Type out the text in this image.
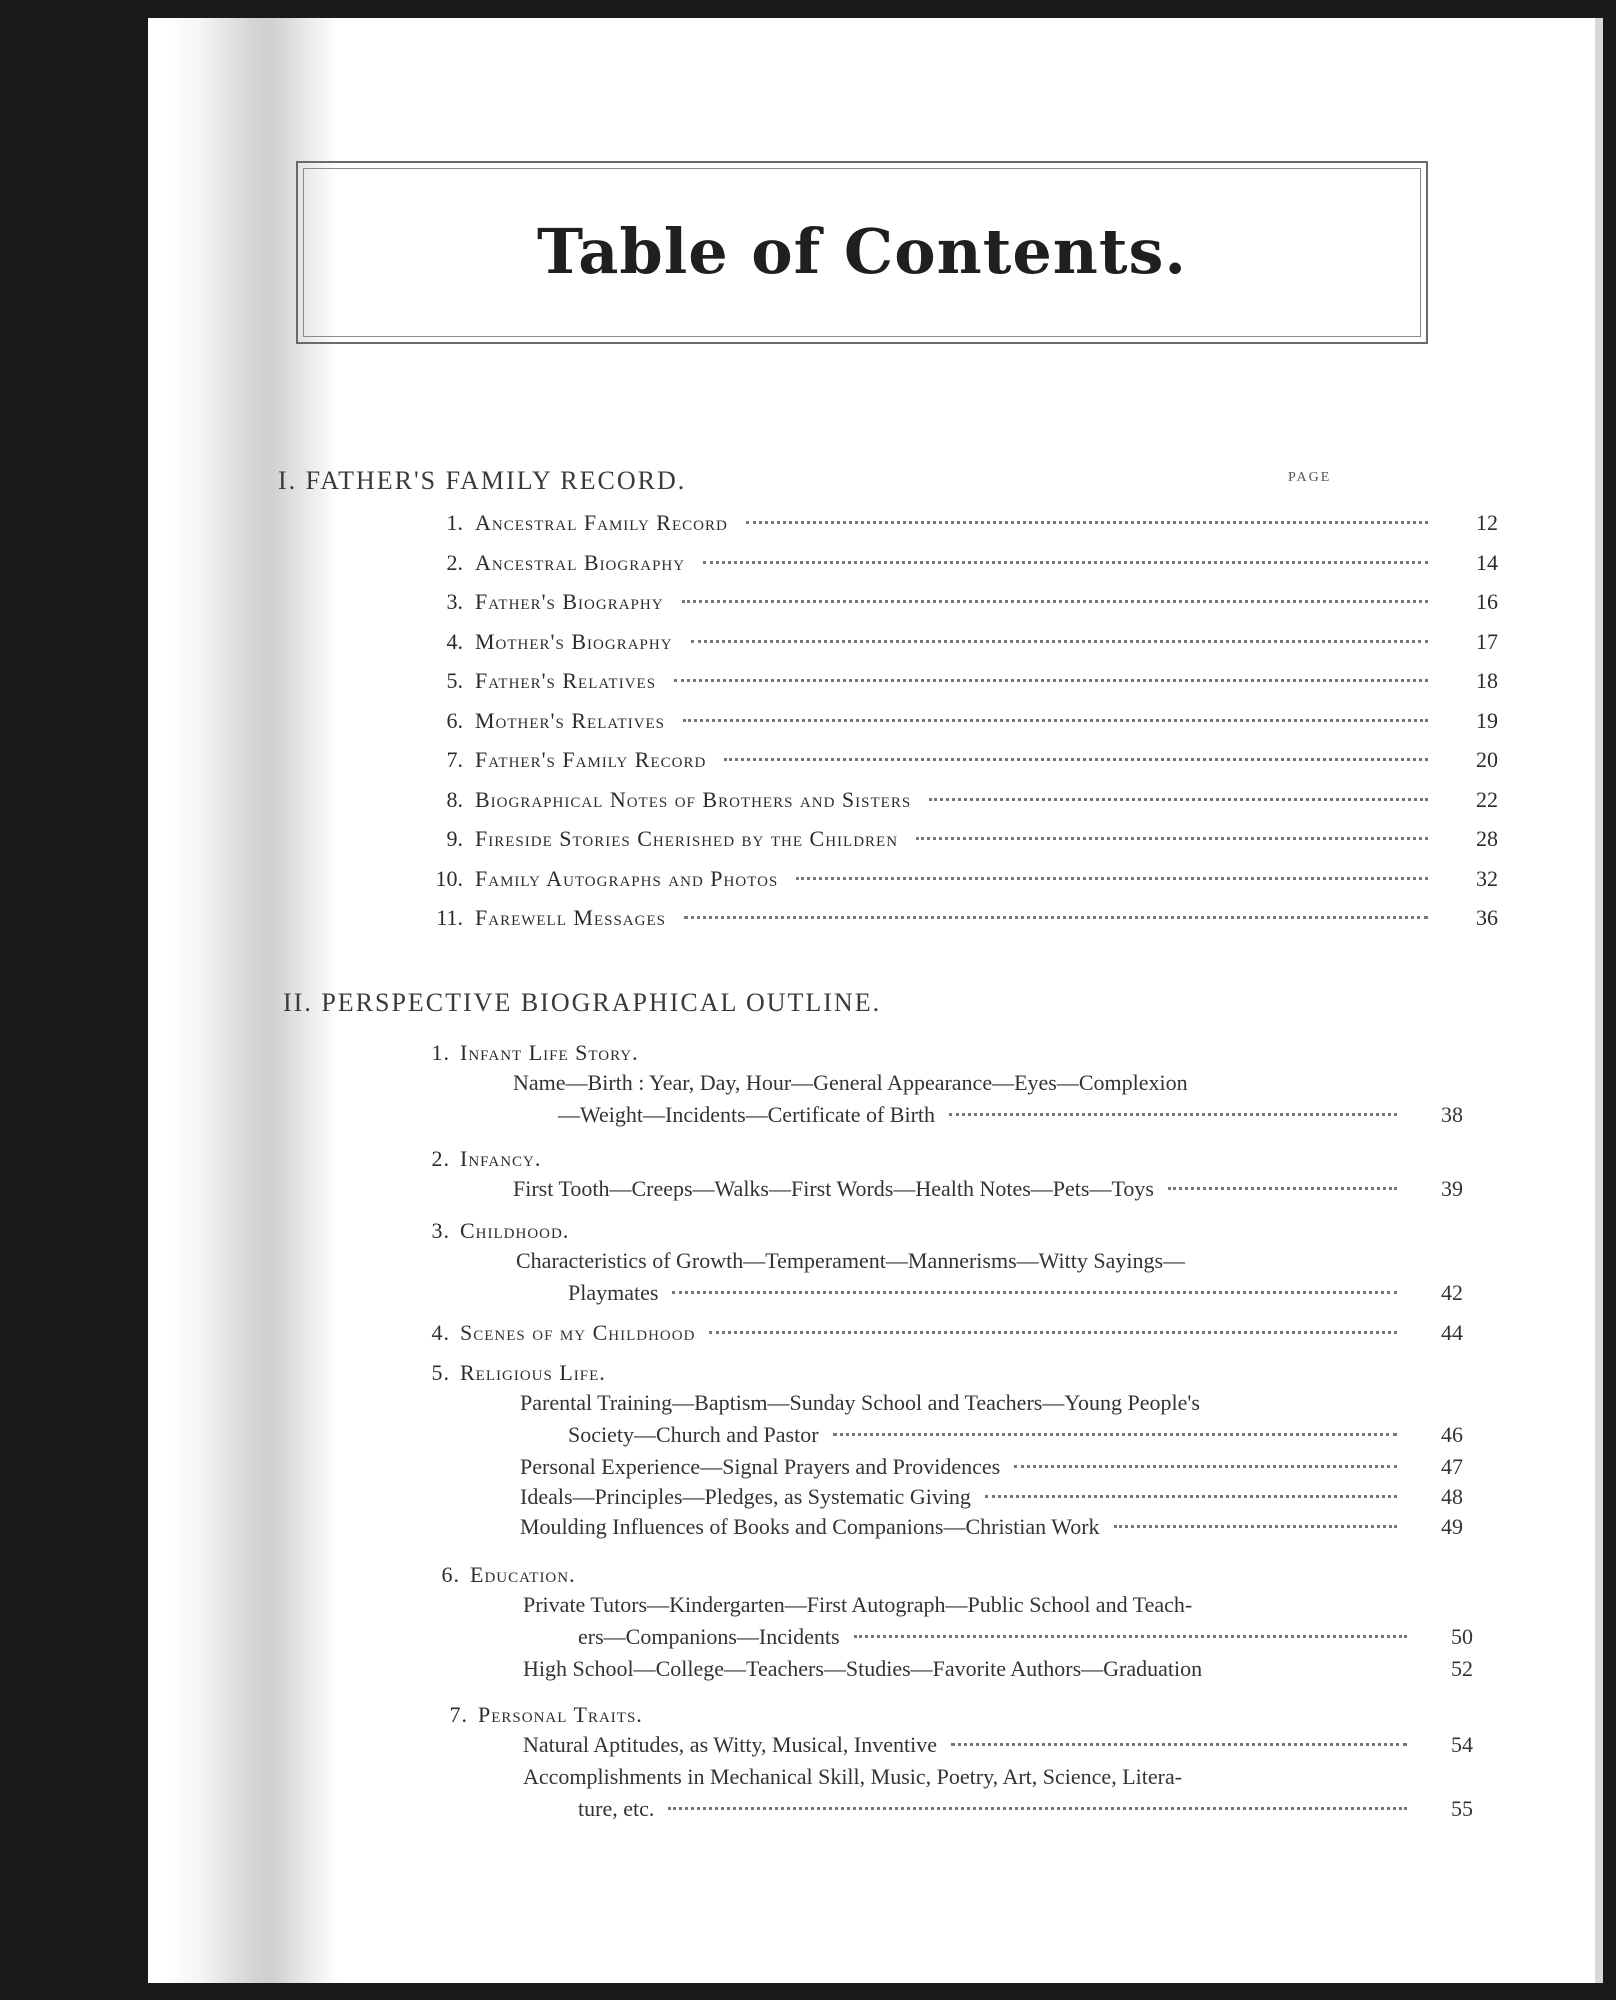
Table of Contents.
I. FATHER'S FAMILY RECORD.	PAGE
1. Ancestral Family Record	12
2. Ancestral Biography	14
3. Father's Biography	16
4. Mother's Biography	17
5. Father's Relatives	18
6. Mother's Relatives	19
7. Father's Family Record	20
8. Biographical Notes of Brothers and Sisters	22
9. Fireside Stories Cherished by the Children	28
10. Family Autographs and Photos	32
11. Farewell Messages	36
II. PERSPECTIVE BIOGRAPHICAL OUTLINE.
1. Infant Life Story.
Name—Birth : Year, Day, Hour—General Appearance—Eyes—Complexion
—Weight—Incidents—Certificate of Birth	38
2. Infancy.
First Tooth—Creeps—Walks—First Words—Health Notes—Pets—Toys	39
3. Childhood.
Characteristics of Growth—Temperament—Mannerisms—Witty Sayings—
Playmates	42
4. Scenes of my Childhood	44
5. Religious Life.
Parental Training—Baptism—Sunday School and Teachers—Young People's
Society—Church and Pastor	46
Personal Experience—Signal Prayers and Providences	47
Ideals—Principles—Pledges, as Systematic Giving	48
Moulding Influences of Books and Companions—Christian Work	49
6. Education.
Private Tutors—Kindergarten—First Autograph—Public School and Teach-
ers—Companions—Incidents	50
High School—College—Teachers—Studies—Favorite Authors—Graduation	52
7. Personal Traits.
Natural Aptitudes, as Witty, Musical, Inventive	54
Accomplishments in Mechanical Skill, Music, Poetry, Art, Science, Litera-
ture, etc.	55
